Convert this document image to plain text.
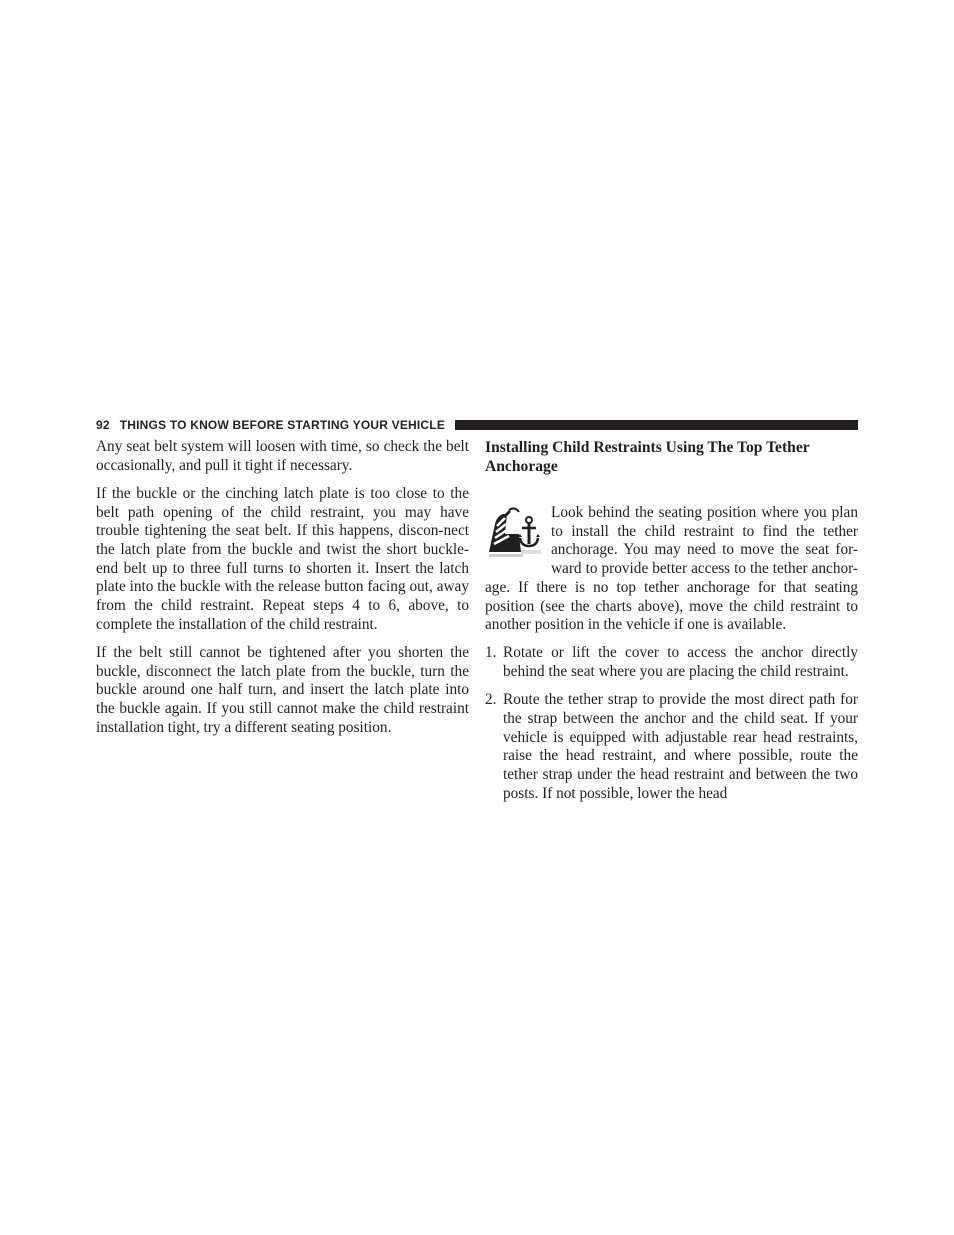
92 THINGS TO KNOW BEFORE STARTING YOUR VEHICLE

Any seat belt system will loosen with time, so check the belt occasionally, and pull it tight if necessary.

If the buckle or the cinching latch plate is too close to the belt path opening of the child restraint, you may have trouble tightening the seat belt. If this happens, discon-nect the latch plate from the buckle and twist the short buckle-end belt up to three full turns to shorten it. Insert the latch plate into the buckle with the release button facing out, away from the child restraint. Repeat steps 4 to 6, above, to complete the installation of the child restraint.

If the belt still cannot be tightened after you shorten the buckle, disconnect the latch plate from the buckle, turn the buckle around one half turn, and insert the latch plate into the buckle again. If you still cannot make the child restraint installation tight, try a different seating position.

Installing Child Restraints Using The Top Tether Anchorage

Look behind the seating position where you plan to install the child restraint to find the tether anchorage. You may need to move the seat for-ward to provide better access to the tether anchor-age. If there is no top tether anchorage for that seating position (see the charts above), move the child restraint to another position in the vehicle if one is available.

1. Rotate or lift the cover to access the anchor directly behind the seat where you are placing the child restraint.
2. Route the tether strap to provide the most direct path for the strap between the anchor and the child seat. If your vehicle is equipped with adjustable rear head restraints, raise the head restraint, and where possible, route the tether strap under the head restraint and between the two posts. If not possible, lower the head
